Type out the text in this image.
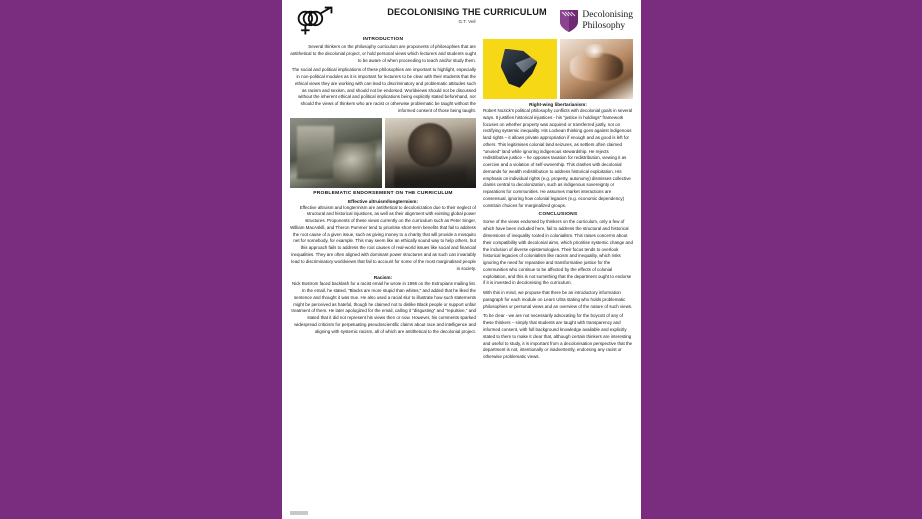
DECOLONISING THE CURRICULUM
G.T. Veil
Decolonising
Philosophy
INTRODUCTION

Several thinkers on the philosophy curriculum are proponents of philosophies that are antithetical to the decolonial project, or hold personal views which lecturers and students ought to be aware of when proceeding to teach and/or study them.

The social and political implications of these philosophies are important to highlight, especially in non-political modules as it is important for lecturers to be clear with their students that the ethical views they are working with can lead to discriminatory and problematic attitudes such as racism and sexism, and should not be endorsed. Worldviews should not be discussed without the inherent ethical and political implications being explicitly stated beforehand, nor should the views of thinkers who are racist or otherwise problematic be taught without the informed consent of those being taught.

PROBLEMATIC ENDORSEMENT ON THE CURRICULUM
Effective altruism/longtermism:

Effective altruism and longtermism are antithetical to decolonization due to their neglect of structural and historical injustices, as well as their alignment with existing global power structures. Proponents of these views currently on the curriculum such as Peter Singer, William MacAskill, and Theron Pummer tend to prioritise short-term benefits that fail to address the root cause of a given issue, such as giving money to a charity that will provide a mosquito net for somebody, for example. This may seem like an ethically sound way to help others, but this approach fails to address the root causes of real-world issues like social and financial inequalities. They are often aligned with dominant power structures and as such can invariably lead to discriminatory worldviews that fail to account for some of the most marginalised people in society.

Racism:

Nick Bostrom faced backlash for a racist email he wrote in 1996 on the Extropians mailing list. In the email, he stated, "Blacks are more stupid than whites," and added that he liked the sentence and thought it was true. He also used a racial slur to illustrate how such statements might be perceived as hateful, though he claimed not to dislike Black people or support unfair treatment of them. He later apologized for the email, calling it "disgusting" and "repulsive," and stated that it did not represent his views then or now. However, his comments sparked widespread criticism for perpetuating pseudoscientific claims about race and intelligence and aligning with systemic racism, all of which are antithetical to the decolonial project.

Right-wing libertarianism:

Robert Nozick's political philosophy conflicts with decolonial goals in several ways. It justifies historical injustices - his "justice in holdings" framework focuses on whether property was acquired or transferred justly, not on rectifying systemic inequality. His Lockean thinking goes against indigenous land rights – it allows private appropriation if enough and as good is left for others. This legitimises colonial land seizures, as settlers often claimed "unused" land while ignoring indigenous stewardship. He rejects redistributive justice – he opposes taxation for redistribution, viewing it as coercive and a violation of self-ownership. This clashes with decolonial demands for wealth redistribution to address historical exploitation. His emphasis on individual rights (e.g. property, autonomy) dismisses collective claims central to decolonization, such as indigenous sovereignty or reparations for communities. He assumes market interactions are consensual, ignoring how colonial legacies (e.g. economic dependency) constrain choices for marginalized groups.

CONCLUSIONS

Some of the views endorsed by thinkers on the curriculum, only a few of which have been included here, fail to address the structural and historical dimensions of inequality rooted in colonialism. This raises concerns about their compatibility with decolonial aims, which prioritise systemic change and the inclusion of diverse epistemologies. Their focus tends to overlook historical legacies of colonialism like racism and inequality, which risks ignoring the need for reparative and transformative justice for the communities who continue to be affected by the effects of colonial exploitation, and this is not something that the department ought to endorse if it is invested in decolonising the curriculum.

With this in mind, we propose that there be an introductory information paragraph for each module on Learn Ultra stating who holds problematic philosophies or personal views and an overview of the nature of such views.

To be clear - we are not necessarily advocating for the boycott of any of these thinkers – simply that students are taught with transparency and informed consent, with full background knowledge available and explicitly stated to them to make it clear that, although certain thinkers are interesting and useful to study, it is important from a decolonisation perspective that the department is not, intentionally or inadvertently, endorsing any racist or otherwise problematic views.
